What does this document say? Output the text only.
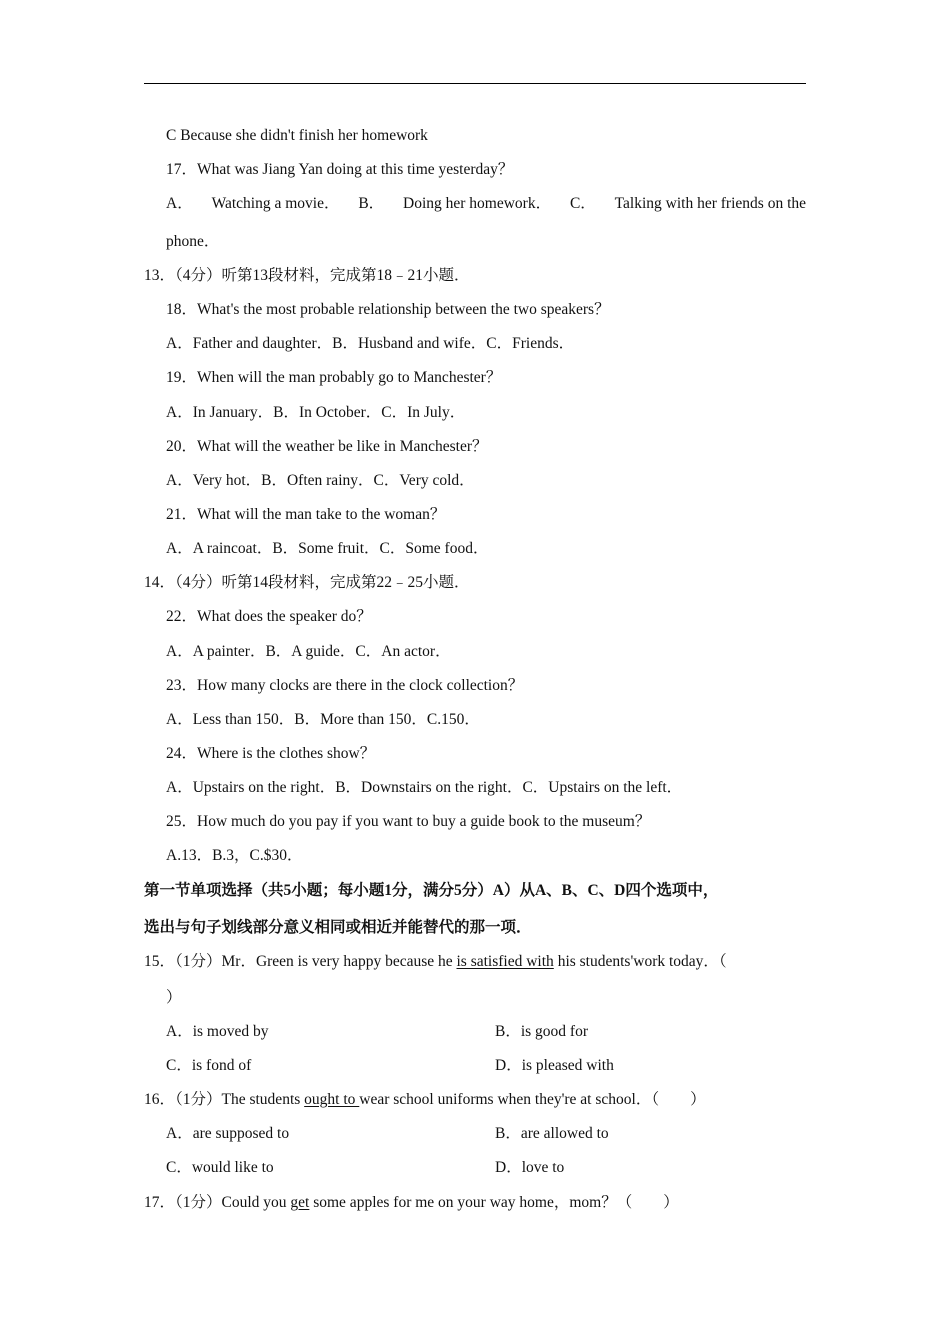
C Because she didn't finish her homework
17．What was Jiang Yan doing at this time yesterday？
A． Watching a movie． B． Doing her homework． C． Talking with her friends on the
phone．
13．（4分）听第13段材料，完成第18﹣21小题．
18．What's the most probable relationship between the two speakers？
A．Father and daughter．B．Husband and wife．C．Friends．
19．When will the man probably go to Manchester？
A．In January．B．In October．C．In July．
20．What will the weather be like in Manchester？
A．Very hot．B．Often rainy．C．Very cold．
21．What will the man take to the woman？
A．A raincoat．B．Some fruit．C．Some food．
14．（4分）听第14段材料，完成第22﹣25小题．
22．What does the speaker do？
A．A painter．B．A guide．C．An actor．
23．How many clocks are there in the clock collection？
A．Less than 150．B．More than 150．C.150．
24．Where is the clothes show？
A．Upstairs on the right．B．Downstairs on the right．C．Upstairs on the left．
25．How much do you pay if you want to buy a guide book to the museum？
A.13．B.3，C.$30．
第一节单项选择（共5小题；每小题1分，满分5分）A）从A、B、C、D四个选项中，
选出与句子划线部分意义相同或相近并能替代的那一项．
15．（1分）Mr．Green is very happy because he is satisfied with his students'work today．（
）
A．is moved by	B．is good for
C．is fond of	D．is pleased with
16．（1分）The students ought to wear school uniforms when they're at school．（　　）
A．are supposed to	B．are allowed to
C．would like to	D．love to
17．（1分）Could you get some apples for me on your way home，mom？（　　）
